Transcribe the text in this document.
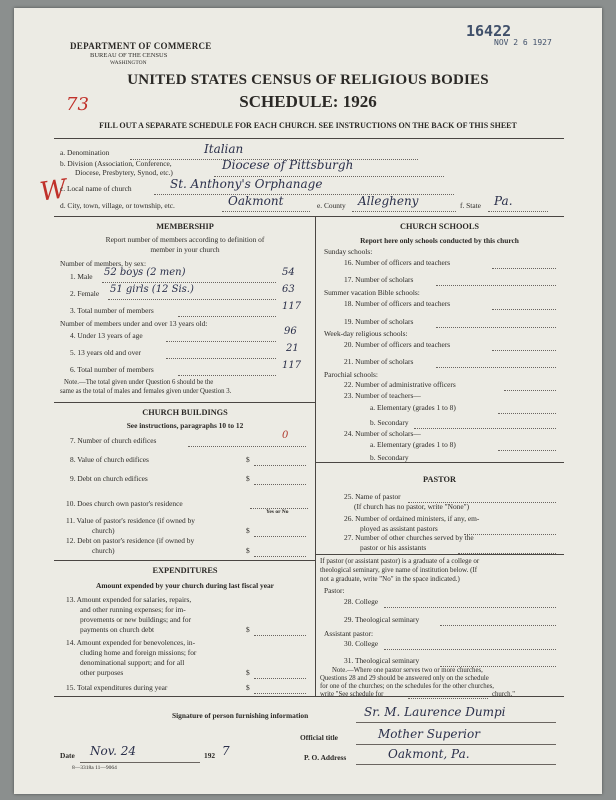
DEPARTMENT OF COMMERCE
BUREAU OF THE CENSUS
WASHINGTON
16422
NOV 2 6 1927
UNITED STATES CENSUS OF RELIGIOUS BODIES
SCHEDULE: 1926
FILL OUT A SEPARATE SCHEDULE FOR EACH CHURCH. SEE INSTRUCTIONS ON THE BACK OF THIS SHEET
73
W
a. Denomination	Italian
b. Division (Association, Conference,
Diocese, Presbytery, Synod, etc.)
Diocese of Pittsburgh
c. Local name of church	St. Anthony's Orphanage
d. City, town, village, or township, etc.	Oakmont	e. County Allegheny	f. State Pa.
MEMBERSHIP
Report number of members according to definition of
member in your church
Number of members, by sex:
1. Male 52 boys (2 men)	54
2. Female 51 girls (12 Sis.)	63
3. Total number of members	117
Number of members under and over 13 years old:
4. Under 13 years of age	96
5. 13 years old and over	21
6. Total number of members	117
Note.—The total given under Question 6 should be the
same as the total of males and females given under Question 3.
CHURCH BUILDINGS
See instructions, paragraphs 10 to 12
7. Number of church edifices	0
8. Value of church edifices	$
9. Debt on church edifices	$
10. Does church own pastor's residence
Yes or No
11. Value of pastor's residence (if owned by
church)	$
12. Debt on pastor's residence (if owned by
church)	$
EXPENDITURES
Amount expended by your church during last fiscal year
13. Amount expended for salaries, repairs,
and other running expenses; for im-
provements or new buildings; and for
payments on church debt	$
14. Amount expended for benevolences, in-
cluding home and foreign missions; for
denominational support; and for all
other purposes	$
15. Total expenditures during year	$
CHURCH SCHOOLS
Report here only schools conducted by this church
Sunday schools:
16. Number of officers and teachers
17. Number of scholars
Summer vacation Bible schools:
18. Number of officers and teachers
19. Number of scholars
Week-day religious schools:
20. Number of officers and teachers
21. Number of scholars
Parochial schools:
22. Number of administrative officers
23. Number of teachers—
a. Elementary (grades 1 to 8)
b. Secondary
24. Number of scholars—
a. Elementary (grades 1 to 8)
b. Secondary
PASTOR
25. Name of pastor
(If church has no pastor, write "None")
26. Number of ordained ministers, if any, em-
ployed as assistant pastors
27. Number of other churches served by the
pastor or his assistants
If pastor (or assistant pastor) is a graduate of a college or
theological seminary, give name of institution below. (If
not a graduate, write "No" in the space indicated.)
Pastor:
28. College
29. Theological seminary
Assistant pastor:
30. College
31. Theological seminary
Note.—Where one pastor serves two or more churches,
Questions 28 and 29 should be answered only on the schedule
for one of the churches; on the schedules for the other churches,
write "See schedule for	church."
Signature of person furnishing information	Sr. M. Laurence Dumpi
Official title	Mother Superior
P. O. Address	Oakmont, Pa.
Date Nov. 24	192 7
8—3318a 11—9064
